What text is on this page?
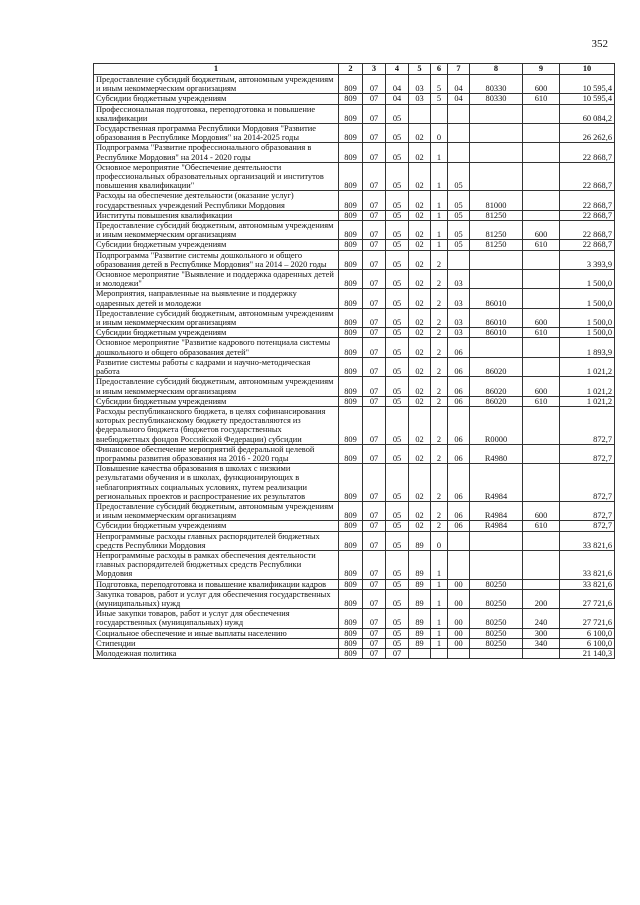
352
1	2	3	4	5	6	7	8	9	10
Предоставление субсидий бюджетным, автономным учреждениям и иным некоммерческим организациям	809	07	04	03	5	04	80330	600	10 595,4
Субсидии бюджетным учреждениям	809	07	04	03	5	04	80330	610	10 595,4
Профессиональная подготовка, переподготовка и повышение квалификации	809	07	05						60 084,2
Государственная программа Республики Мордовия "Развитие образования в Республике Мордовия" на 2014-2025 годы	809	07	05	02	0				26 262,6
Подпрограмма "Развитие профессионального образования в Республике Мордовия" на 2014 - 2020 годы	809	07	05	02	1				22 868,7
Основное мероприятие "Обеспечение деятельности профессиональных образовательных организаций и институтов повышения квалификации"	809	07	05	02	1	05			22 868,7
Расходы на обеспечение деятельности (оказание услуг) государственных учреждений Республики Мордовия	809	07	05	02	1	05	81000		22 868,7
Институты повышения квалификации	809	07	05	02	1	05	81250		22 868,7
Предоставление субсидий бюджетным, автономным учреждениям и иным некоммерческим организациям	809	07	05	02	1	05	81250	600	22 868,7
Субсидии бюджетным учреждениям	809	07	05	02	1	05	81250	610	22 868,7
Подпрограмма "Развитие системы дошкольного и общего образования детей в Республике Мордовия" на 2014 – 2020 годы	809	07	05	02	2				3 393,9
Основное мероприятие "Выявление и поддержка одаренных детей и молодежи"	809	07	05	02	2	03			1 500,0
Мероприятия, направленные на выявление и поддержку одаренных детей и молодежи	809	07	05	02	2	03	86010		1 500,0
Предоставление субсидий бюджетным, автономным учреждениям и иным некоммерческим организациям	809	07	05	02	2	03	86010	600	1 500,0
Субсидии бюджетным учреждениям	809	07	05	02	2	03	86010	610	1 500,0
Основное мероприятие "Развитие кадрового потенциала системы дошкольного и общего образования детей"	809	07	05	02	2	06			1 893,9
Развитие системы работы с кадрами и научно-методическая работа	809	07	05	02	2	06	86020		1 021,2
Предоставление субсидий бюджетным, автономным учреждениям и иным некоммерческим организациям	809	07	05	02	2	06	86020	600	1 021,2
Субсидии бюджетным учреждениям	809	07	05	02	2	06	86020	610	1 021,2
Расходы республиканского бюджета, в целях софинансирования которых республиканскому бюджету предоставляются из федерального бюджета (бюджетов государственных внебюджетных фондов Российской Федерации) субсидии	809	07	05	02	2	06	R0000		872,7
Финансовое обеспечение мероприятий федеральной целевой программы развития образования на 2016 - 2020 годы	809	07	05	02	2	06	R4980		872,7
Повышение качества образования в школах с низкими результатами обучения и в школах, функционирующих в неблагоприятных социальных условиях, путем реализации региональных проектов и распространение их результатов	809	07	05	02	2	06	R4984		872,7
Предоставление субсидий бюджетным, автономным учреждениям и иным некоммерческим организациям	809	07	05	02	2	06	R4984	600	872,7
Субсидии бюджетным учреждениям	809	07	05	02	2	06	R4984	610	872,7
Непрограммные расходы главных распорядителей бюджетных средств Республики Мордовия	809	07	05	89	0				33 821,6
Непрограммные расходы в рамках обеспечения деятельности главных распорядителей бюджетных средств Республики Мордовия	809	07	05	89	1				33 821,6
Подготовка, переподготовка и повышение квалификации кадров	809	07	05	89	1	00	80250		33 821,6
Закупка товаров, работ и услуг для обеспечения государственных (муниципальных) нужд	809	07	05	89	1	00	80250	200	27 721,6
Иные закупки товаров, работ и услуг для обеспечения государственных (муниципальных) нужд	809	07	05	89	1	00	80250	240	27 721,6
Социальное обеспечение и иные выплаты населению	809	07	05	89	1	00	80250	300	6 100,0
Стипендии	809	07	05	89	1	00	80250	340	6 100,0
Молодежная политика	809	07	07						21 140,3
